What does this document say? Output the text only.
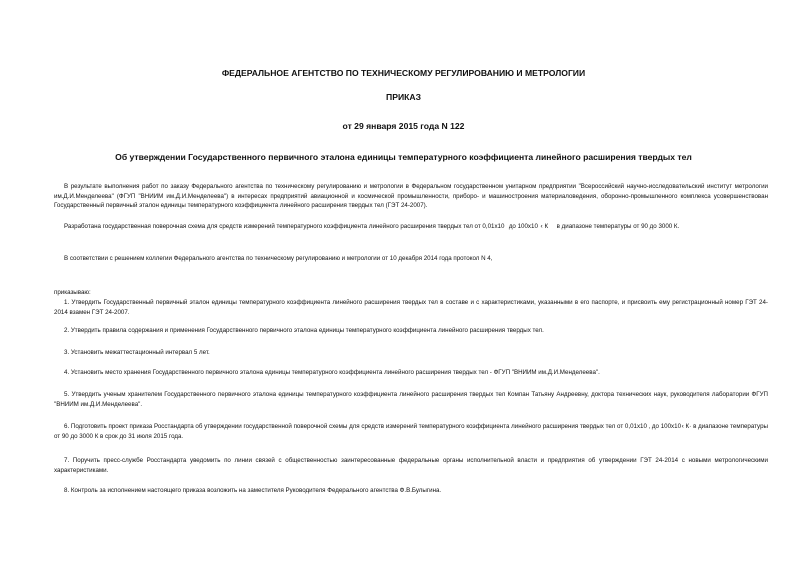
ФЕДЕРАЛЬНОЕ АГЕНТСТВО ПО ТЕХНИЧЕСКОМУ РЕГУЛИРОВАНИЮ И МЕТРОЛОГИИ
ПРИКАЗ
от 29 января 2015 года N 122
Об утверждении Государственного первичного эталона единицы температурного коэффициента линейного расширения твердых тел

В результате выполнения работ по заказу Федерального агентства по техническому регулированию и метрологии в Федеральном государственном унитарном предприятии "Всероссийский научно-исследовательский институт метрологии им.Д.И.Менделеева" (ФГУП "ВНИИМ им.Д.И.Менделеева") в интересах предприятий авиационной и космической промышленности, приборо- и машиностроения материаловедения, оборонно-промышленного комплекса усовершенствован Государственный первичный эталон единицы температурного коэффициента линейного расширения твердых тел (ГЭТ 24-2007).

Разработана государственная поверочная схема для средств измерений температурного коэффициента линейного расширения твердых тел от 0,01x10  до 100x10  ‹ К в диапазоне температуры от 90 до 3000 К.

В соответствии с решением коллегии Федерального агентства по техническому регулированию и метрологии от 10 декабря 2014 года протокол N 4,

приказываю:

1. Утвердить Государственный первичный эталон единицы температурного коэффициента линейного расширения твердых тел в составе и с характеристиками, указанными в его паспорте, и присвоить ему регистрационный номер ГЭТ 24-2014 взамен ГЭТ 24-2007.

2. Утвердить правила содержания и применения Государственного первичного эталона единицы температурного коэффициента линейного расширения твердых тел.

3. Установить межаттестационный интервал 5 лет.

4. Установить место хранения Государственного первичного эталона единицы температурного коэффициента линейного расширения твердых тел - ФГУП "ВНИИМ им.Д.И.Менделеева".

5. Утвердить ученым хранителем Государственного первичного эталона единицы температурного коэффициента линейного расширения твердых тел Компан Татьяну Андреевну, доктора технических наук, руководителя лаборатории ФГУП "ВНИИМ им.Д.И.Менделеева".

6. Подготовить проект приказа Росстандарта об утверждении государственной поверочной схемы для средств измерений температурного коэффициента линейного расширения твердых тел от 0,01x10 ‚ до 100x10 ‹ К· в диапазоне температуры от 90 до 3000 К в срок до 31 июля 2015 года.

7. Поручить пресс-службе Росстандарта уведомить по линии связей с общественностью заинтересованные федеральные органы исполнительной власти и предприятия об утверждении ГЭТ 24-2014 с новыми метрологическими характеристиками.

8. Контроль за исполнением настоящего приказа возложить на заместителя Руководителя Федерального агентства Ф.В.Булыгина.
